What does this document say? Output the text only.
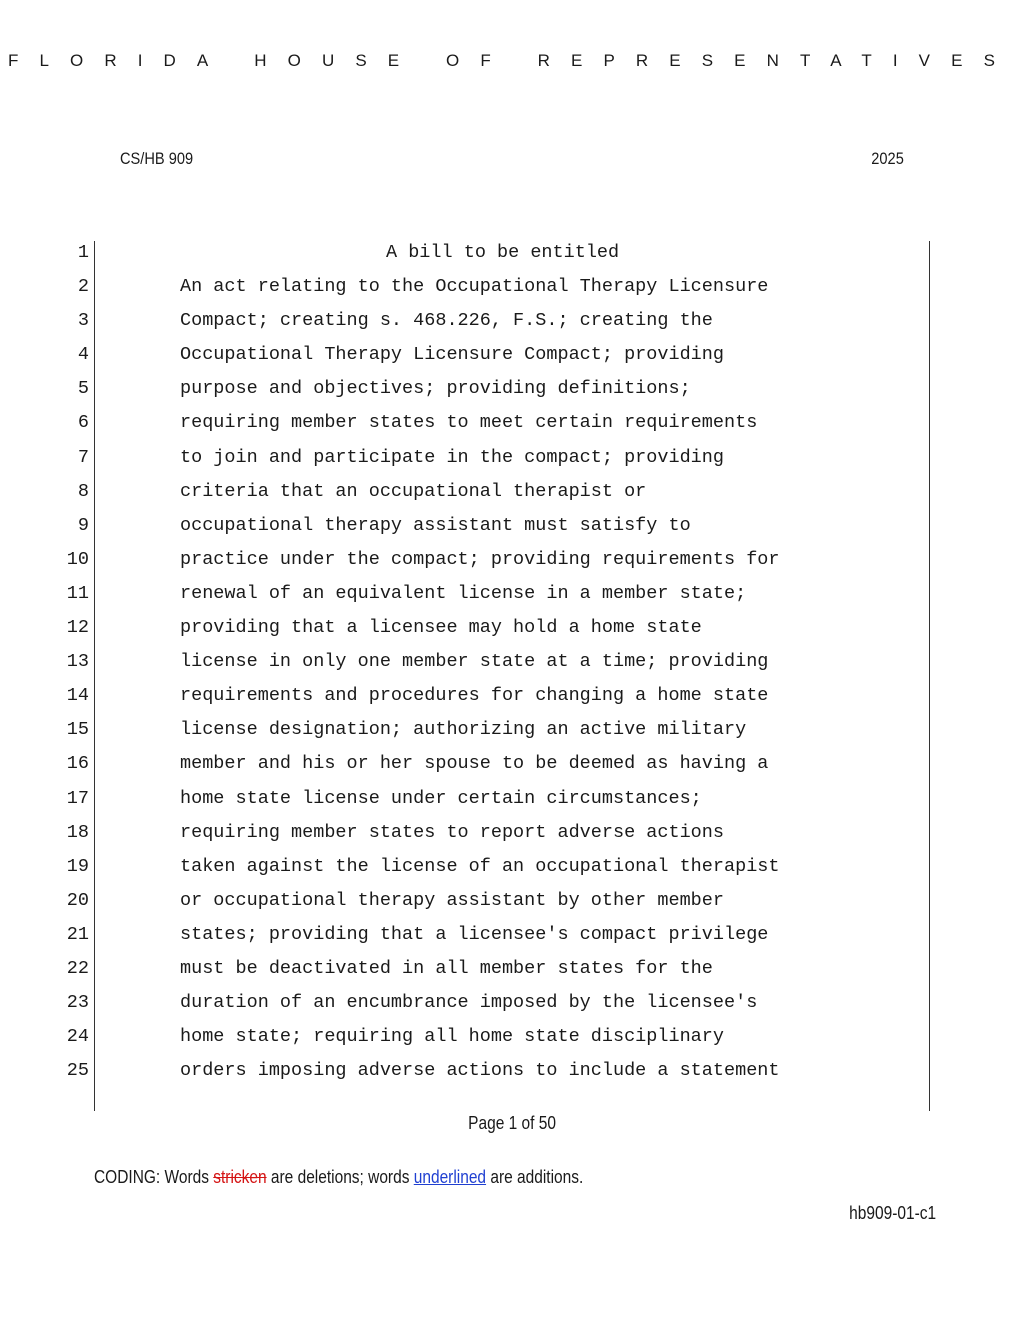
FLORIDA HOUSE OF REPRESENTATIVES
CS/HB 909	2025
1	A bill to be entitled
2	An act relating to the Occupational Therapy Licensure
3	Compact; creating s. 468.226, F.S.; creating the
4	Occupational Therapy Licensure Compact; providing
5	purpose and objectives; providing definitions;
6	requiring member states to meet certain requirements
7	to join and participate in the compact; providing
8	criteria that an occupational therapist or
9	occupational therapy assistant must satisfy to
10	practice under the compact; providing requirements for
11	renewal of an equivalent license in a member state;
12	providing that a licensee may hold a home state
13	license in only one member state at a time; providing
14	requirements and procedures for changing a home state
15	license designation; authorizing an active military
16	member and his or her spouse to be deemed as having a
17	home state license under certain circumstances;
18	requiring member states to report adverse actions
19	taken against the license of an occupational therapist
20	or occupational therapy assistant by other member
21	states; providing that a licensee's compact privilege
22	must be deactivated in all member states for the
23	duration of an encumbrance imposed by the licensee's
24	home state; requiring all home state disciplinary
25	orders imposing adverse actions to include a statement
Page 1 of 50
CODING: Words stricken are deletions; words underlined are additions.
hb909-01-c1
